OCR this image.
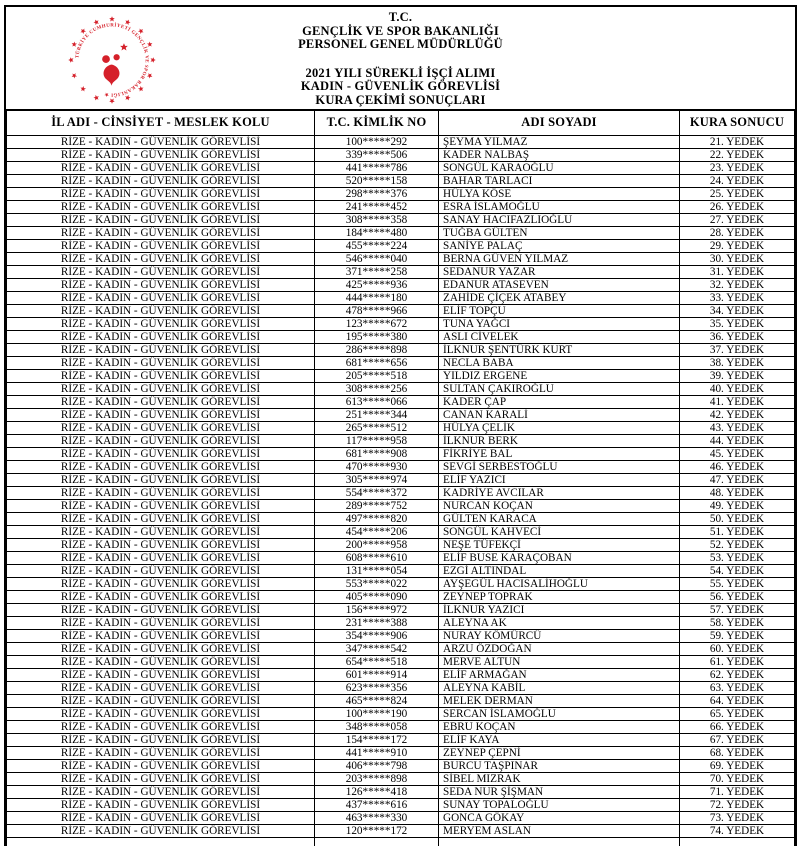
TÜRKİYE CUMHURİYETİ GENÇLİK VE SPOR BAKANLIĞI ★
T.C.
GENÇLİK VE SPOR BAKANLIĞI
PERSONEL GENEL MÜDÜRLÜĞÜ
2021 YILI SÜREKLİ İŞÇİ ALIMI
KADIN - GÜVENLİK GÖREVLİSİ
KURA ÇEKİMİ SONUÇLARI
İL ADI - CİNSİYET - MESLEK KOLU	T.C. KİMLİK NO	ADI SOYADI	KURA SONUCU
RİZE - KADIN - GÜVENLİK GÖREVLİSİ	100*****292	ŞEYMA YILMAZ	21. YEDEK
RİZE - KADIN - GÜVENLİK GÖREVLİSİ	339*****506	KADER NALBAŞ	22. YEDEK
RİZE - KADIN - GÜVENLİK GÖREVLİSİ	441*****786	SONGÜL KARAOĞLU	23. YEDEK
RİZE - KADIN - GÜVENLİK GÖREVLİSİ	520*****158	BAHAR TARLACI	24. YEDEK
RİZE - KADIN - GÜVENLİK GÖREVLİSİ	298*****376	HÜLYA KÖSE	25. YEDEK
RİZE - KADIN - GÜVENLİK GÖREVLİSİ	241*****452	ESRA İSLAMOĞLU	26. YEDEK
RİZE - KADIN - GÜVENLİK GÖREVLİSİ	308*****358	SANAY HACIFAZLIOĞLU	27. YEDEK
RİZE - KADIN - GÜVENLİK GÖREVLİSİ	184*****480	TUĞBA GÜLTEN	28. YEDEK
RİZE - KADIN - GÜVENLİK GÖREVLİSİ	455*****224	SANİYE PALAÇ	29. YEDEK
RİZE - KADIN - GÜVENLİK GÖREVLİSİ	546*****040	BERNA GÜVEN YILMAZ	30. YEDEK
RİZE - KADIN - GÜVENLİK GÖREVLİSİ	371*****258	SEDANUR YAZAR	31. YEDEK
RİZE - KADIN - GÜVENLİK GÖREVLİSİ	425*****936	EDANUR ATASEVEN	32. YEDEK
RİZE - KADIN - GÜVENLİK GÖREVLİSİ	444*****180	ZAHİDE ÇİÇEK ATABEY	33. YEDEK
RİZE - KADIN - GÜVENLİK GÖREVLİSİ	478*****966	ELİF TOPÇU	34. YEDEK
RİZE - KADIN - GÜVENLİK GÖREVLİSİ	123*****672	TUNA YAĞCI	35. YEDEK
RİZE - KADIN - GÜVENLİK GÖREVLİSİ	195*****380	ASLI CİVELEK	36. YEDEK
RİZE - KADIN - GÜVENLİK GÖREVLİSİ	286*****898	İLKNUR ŞENTÜRK KURT	37. YEDEK
RİZE - KADIN - GÜVENLİK GÖREVLİSİ	681*****656	NECLA BABA	38. YEDEK
RİZE - KADIN - GÜVENLİK GÖREVLİSİ	205*****518	YILDIZ ERGENE	39. YEDEK
RİZE - KADIN - GÜVENLİK GÖREVLİSİ	308*****256	SULTAN ÇAKIROĞLU	40. YEDEK
RİZE - KADIN - GÜVENLİK GÖREVLİSİ	613*****066	KADER ÇAP	41. YEDEK
RİZE - KADIN - GÜVENLİK GÖREVLİSİ	251*****344	CANAN KARALİ	42. YEDEK
RİZE - KADIN - GÜVENLİK GÖREVLİSİ	265*****512	HÜLYA ÇELİK	43. YEDEK
RİZE - KADIN - GÜVENLİK GÖREVLİSİ	117*****958	İLKNUR BERK	44. YEDEK
RİZE - KADIN - GÜVENLİK GÖREVLİSİ	681*****908	FİKRİYE BAL	45. YEDEK
RİZE - KADIN - GÜVENLİK GÖREVLİSİ	470*****930	SEVGİ SERBESTOĞLU	46. YEDEK
RİZE - KADIN - GÜVENLİK GÖREVLİSİ	305*****974	ELİF YAZICI	47. YEDEK
RİZE - KADIN - GÜVENLİK GÖREVLİSİ	554*****372	KADRİYE AVCILAR	48. YEDEK
RİZE - KADIN - GÜVENLİK GÖREVLİSİ	289*****752	NURCAN KOÇAN	49. YEDEK
RİZE - KADIN - GÜVENLİK GÖREVLİSİ	497*****820	GÜLTEN KARACA	50. YEDEK
RİZE - KADIN - GÜVENLİK GÖREVLİSİ	454*****206	SONGÜL KAHVECİ	51. YEDEK
RİZE - KADIN - GÜVENLİK GÖREVLİSİ	200*****958	NEŞE TÜFEKÇİ	52. YEDEK
RİZE - KADIN - GÜVENLİK GÖREVLİSİ	608*****610	ELİF BUSE KARAÇOBAN	53. YEDEK
RİZE - KADIN - GÜVENLİK GÖREVLİSİ	131*****054	EZGİ ALTINDAL	54. YEDEK
RİZE - KADIN - GÜVENLİK GÖREVLİSİ	553*****022	AYŞEGÜL HACISALİHOĞLU	55. YEDEK
RİZE - KADIN - GÜVENLİK GÖREVLİSİ	405*****090	ZEYNEP TOPRAK	56. YEDEK
RİZE - KADIN - GÜVENLİK GÖREVLİSİ	156*****972	İLKNUR YAZICI	57. YEDEK
RİZE - KADIN - GÜVENLİK GÖREVLİSİ	231*****388	ALEYNA AK	58. YEDEK
RİZE - KADIN - GÜVENLİK GÖREVLİSİ	354*****906	NURAY KÖMÜRCÜ	59. YEDEK
RİZE - KADIN - GÜVENLİK GÖREVLİSİ	347*****542	ARZU ÖZDOĞAN	60. YEDEK
RİZE - KADIN - GÜVENLİK GÖREVLİSİ	654*****518	MERVE ALTUN	61. YEDEK
RİZE - KADIN - GÜVENLİK GÖREVLİSİ	601*****914	ELİF ARMAĞAN	62. YEDEK
RİZE - KADIN - GÜVENLİK GÖREVLİSİ	623*****356	ALEYNA KABİL	63. YEDEK
RİZE - KADIN - GÜVENLİK GÖREVLİSİ	465*****824	MELEK DERMAN	64. YEDEK
RİZE - KADIN - GÜVENLİK GÖREVLİSİ	100*****190	SERCAN İSLAMOĞLU	65. YEDEK
RİZE - KADIN - GÜVENLİK GÖREVLİSİ	348*****058	EBRU KOÇAN	66. YEDEK
RİZE - KADIN - GÜVENLİK GÖREVLİSİ	154*****172	ELİF KAYA	67. YEDEK
RİZE - KADIN - GÜVENLİK GÖREVLİSİ	441*****910	ZEYNEP ÇEPNİ	68. YEDEK
RİZE - KADIN - GÜVENLİK GÖREVLİSİ	406*****798	BURCU TAŞPINAR	69. YEDEK
RİZE - KADIN - GÜVENLİK GÖREVLİSİ	203*****898	SİBEL MIZRAK	70. YEDEK
RİZE - KADIN - GÜVENLİK GÖREVLİSİ	126*****418	SEDA NUR ŞİŞMAN	71. YEDEK
RİZE - KADIN - GÜVENLİK GÖREVLİSİ	437*****616	SUNAY TOPALOĞLU	72. YEDEK
RİZE - KADIN - GÜVENLİK GÖREVLİSİ	463*****330	GONCA GÖKAY	73. YEDEK
RİZE - KADIN - GÜVENLİK GÖREVLİSİ	120*****172	MERYEM ASLAN	74. YEDEK
